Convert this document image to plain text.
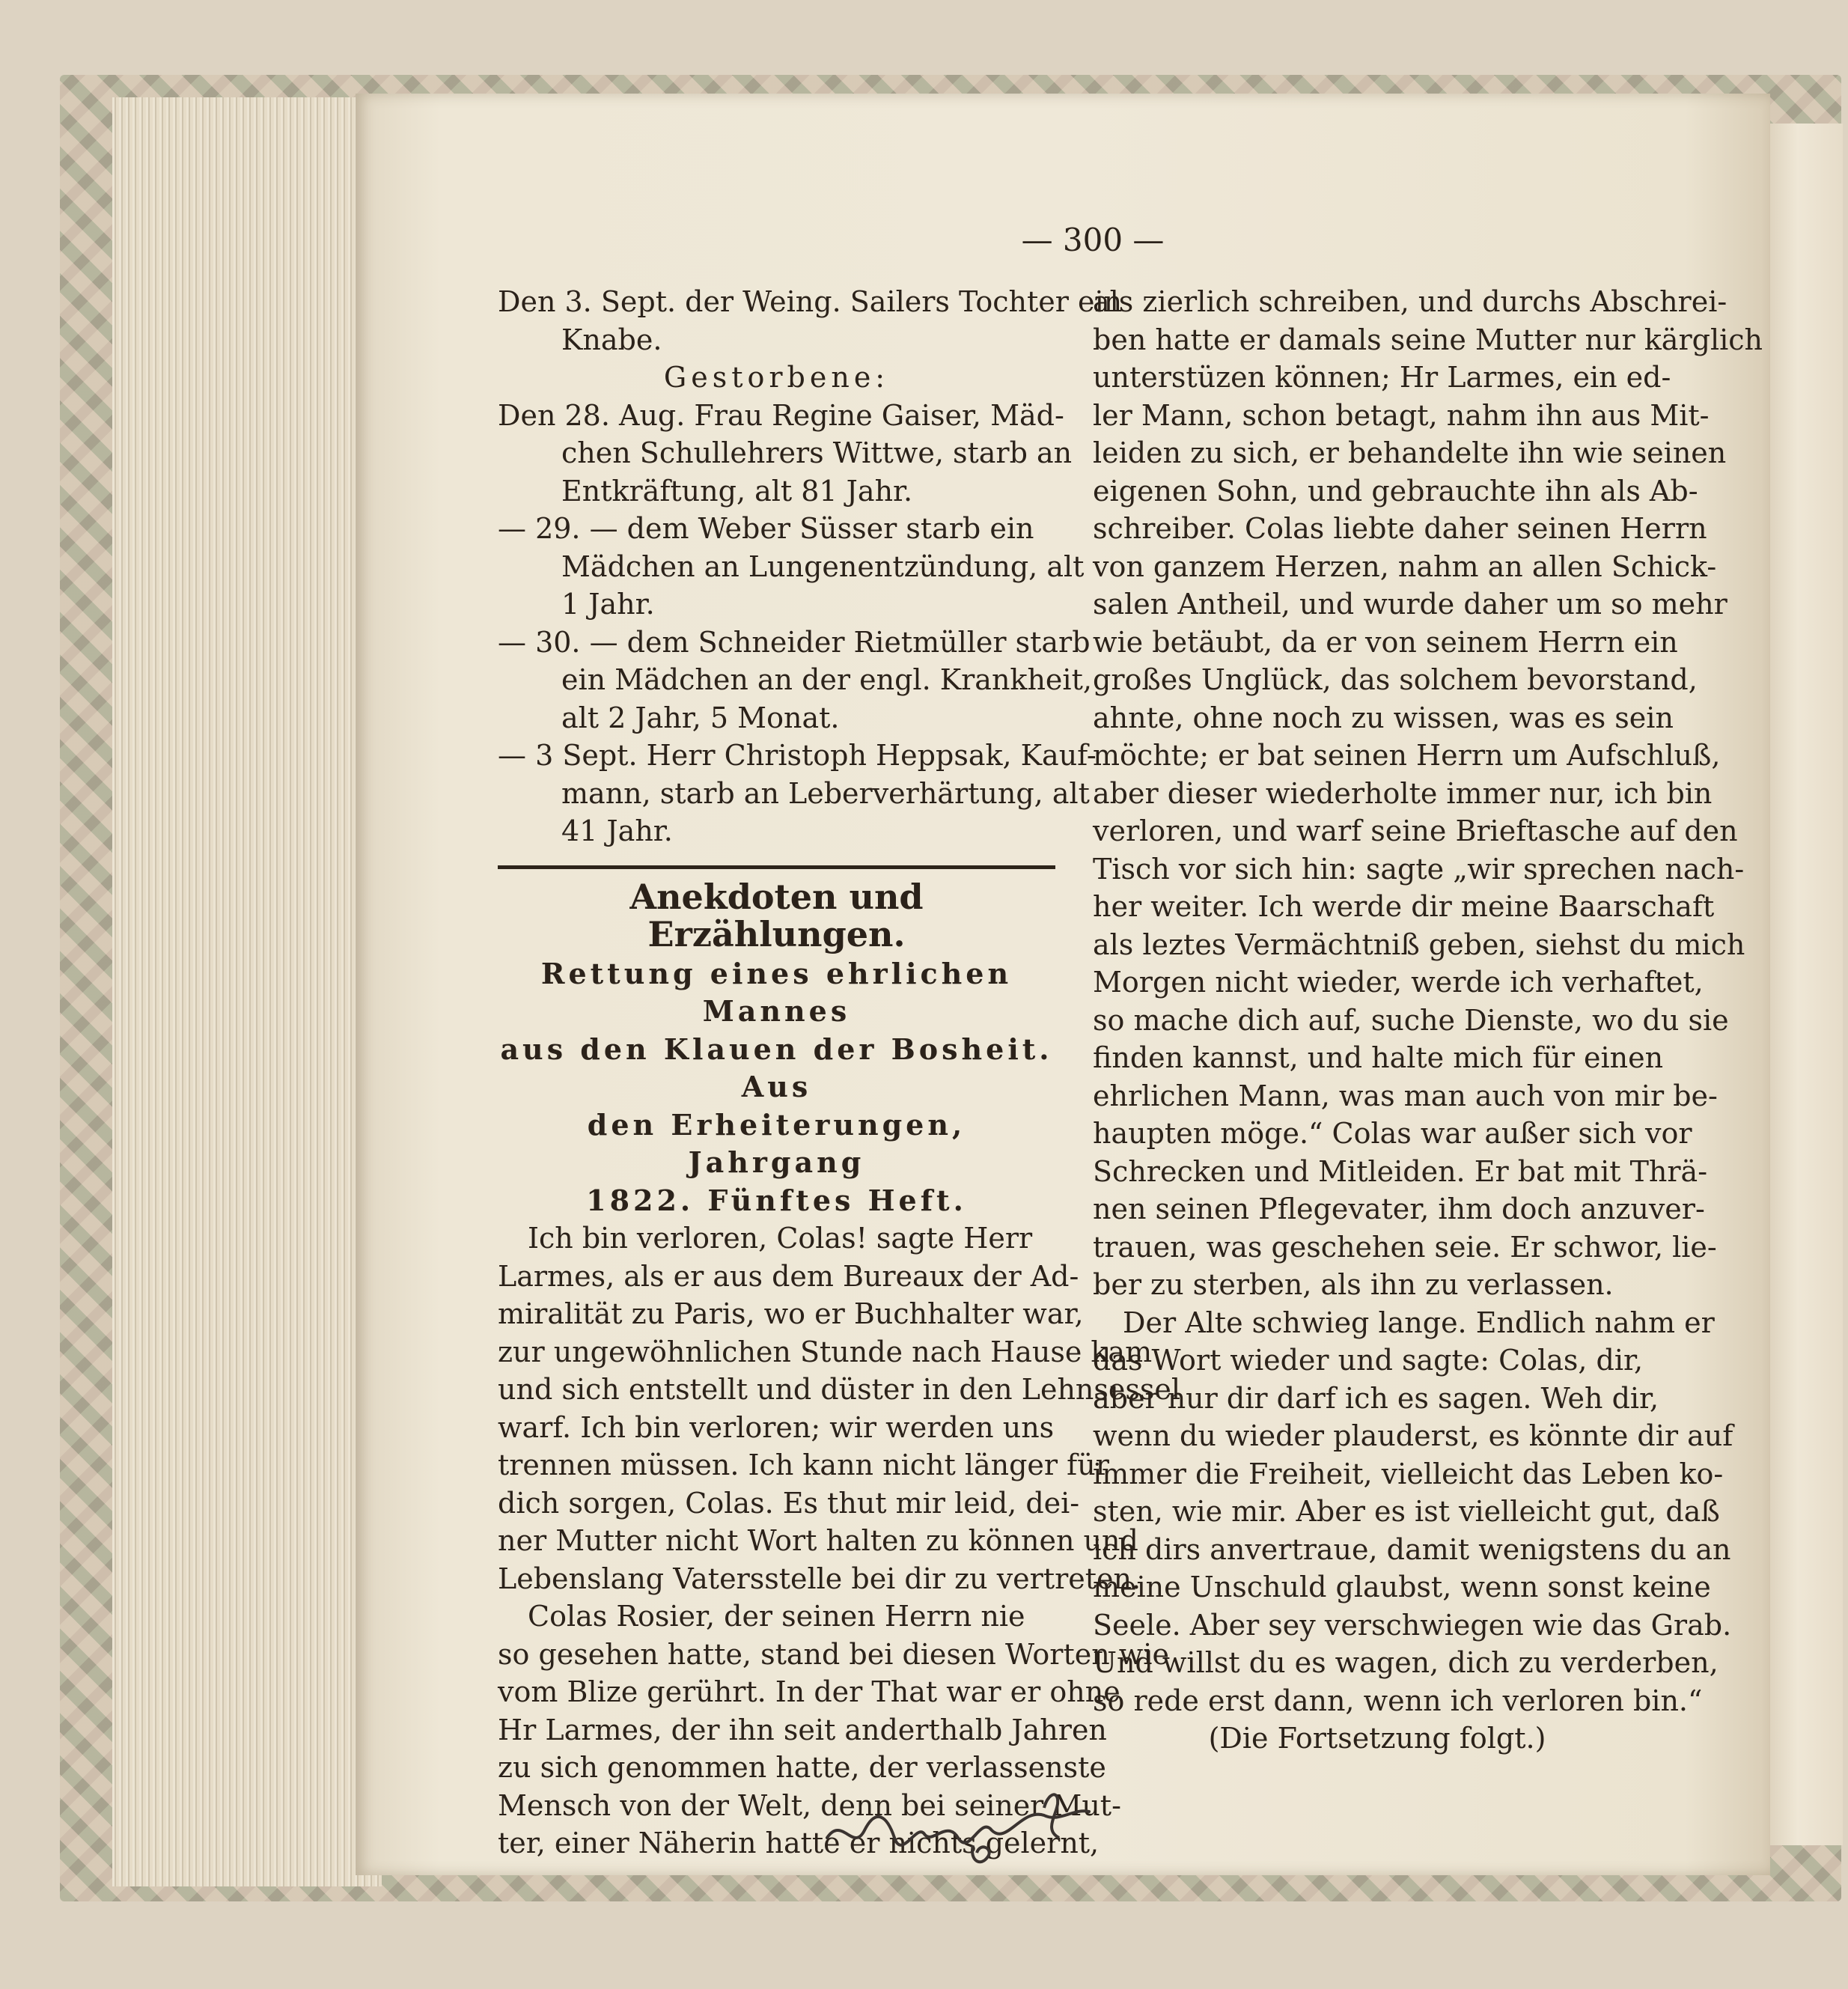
— 300 —
Den 3. Sept. der Weing. Sailers Tochter ein
Knabe.
Gestorbene:
Den 28. Aug. Frau Regine Gaiser, Mäd-
chen Schullehrers Wittwe, starb an
Entkräftung, alt 81 Jahr.
— 29. — dem Weber Süsser starb ein
Mädchen an Lungenentzündung, alt
1 Jahr.
— 30. — dem Schneider Rietmüller starb
ein Mädchen an der engl. Krankheit,
alt 2 Jahr, 5 Monat.
— 3 Sept. Herr Christoph Heppsak, Kauf-
mann, starb an Leberverhärtung, alt
41 Jahr.
Anekdoten und Erzählungen.
Rettung eines ehrlichen Mannes
aus den Klauen der Bosheit. Aus
den Erheiterungen, Jahrgang
1822. Fünftes Heft.
Ich bin verloren, Colas! sagte Herr
Larmes, als er aus dem Bureaux der Ad-
miralität zu Paris, wo er Buchhalter war,
zur ungewöhnlichen Stunde nach Hause kam
und sich entstellt und düster in den Lehnsessel
warf. Ich bin verloren; wir werden uns
trennen müssen. Ich kann nicht länger für
dich sorgen, Colas. Es thut mir leid, dei-
ner Mutter nicht Wort halten zu können und
Lebenslang Vatersstelle bei dir zu vertreten.
Colas Rosier, der seinen Herrn nie
so gesehen hatte, stand bei diesen Worten wie
vom Blize gerührt. In der That war er ohne
Hr Larmes, der ihn seit anderthalb Jahren
zu sich genommen hatte, der verlassenste
Mensch von der Welt, denn bei seiner Mut-
ter, einer Näherin hatte er nichts gelernt,
als zierlich schreiben, und durchs Abschrei-
ben hatte er damals seine Mutter nur kärglich
unterstüzen können; Hr Larmes, ein ed-
ler Mann, schon betagt, nahm ihn aus Mit-
leiden zu sich, er behandelte ihn wie seinen
eigenen Sohn, und gebrauchte ihn als Ab-
schreiber. Colas liebte daher seinen Herrn
von ganzem Herzen, nahm an allen Schick-
salen Antheil, und wurde daher um so mehr
wie betäubt, da er von seinem Herrn ein
großes Unglück, das solchem bevorstand,
ahnte, ohne noch zu wissen, was es sein
möchte; er bat seinen Herrn um Aufschluß,
aber dieser wiederholte immer nur, ich bin
verloren, und warf seine Brieftasche auf den
Tisch vor sich hin: sagte „wir sprechen nach-
her weiter. Ich werde dir meine Baarschaft
als leztes Vermächtniß geben, siehst du mich
Morgen nicht wieder, werde ich verhaftet,
so mache dich auf, suche Dienste, wo du sie
finden kannst, und halte mich für einen
ehrlichen Mann, was man auch von mir be-
haupten möge.“ Colas war außer sich vor
Schrecken und Mitleiden. Er bat mit Thrä-
nen seinen Pflegevater, ihm doch anzuver-
trauen, was geschehen seie. Er schwor, lie-
ber zu sterben, als ihn zu verlassen.
Der Alte schwieg lange. Endlich nahm er
das Wort wieder und sagte: Colas, dir,
aber nur dir darf ich es sagen. Weh dir,
wenn du wieder plauderst, es könnte dir auf
immer die Freiheit, vielleicht das Leben ko-
sten, wie mir. Aber es ist vielleicht gut, daß
ich dirs anvertraue, damit wenigstens du an
meine Unschuld glaubst, wenn sonst keine
Seele. Aber sey verschwiegen wie das Grab.
Und willst du es wagen, dich zu verderben,
so rede erst dann, wenn ich verloren bin.“
(Die Fortsetzung folgt.)
